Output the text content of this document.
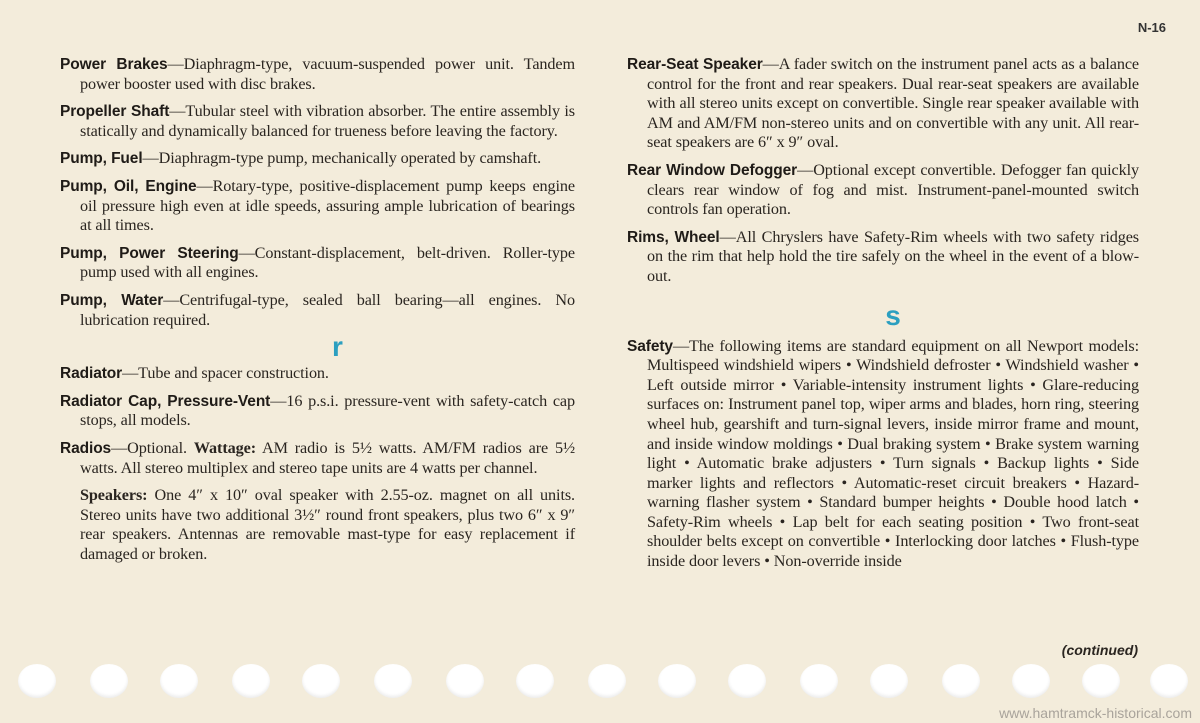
N-16

Power Brakes—Diaphragm-type, vacuum-suspended power unit. Tandem power booster used with disc brakes.

Propeller Shaft—Tubular steel with vibration absorber. The entire assembly is statically and dynamically balanced for trueness before leaving the factory.

Pump, Fuel—Diaphragm-type pump, mechanically operated by camshaft.

Pump, Oil, Engine—Rotary-type, positive-displacement pump keeps engine oil pressure high even at idle speeds, assuring ample lubrication of bearings at all times.

Pump, Power Steering—Constant-displacement, belt-driven. Roller-type pump used with all engines.

Pump, Water—Centrifugal-type, sealed ball bearing—all engines. No lubrication required.

r

Radiator—Tube and spacer construction.

Radiator Cap, Pressure-Vent—16 p.s.i. pressure-vent with safety-catch cap stops, all models.

Radios—Optional. Wattage: AM radio is 5½ watts. AM/FM radios are 5½ watts. All stereo multiplex and stereo tape units are 4 watts per channel.

Speakers: One 4″ x 10″ oval speaker with 2.55-oz. magnet on all units. Stereo units have two additional 3½″ round front speakers, plus two 6″ x 9″ rear speakers. Antennas are removable mast-type for easy replacement if damaged or broken.

Rear-Seat Speaker—A fader switch on the instrument panel acts as a balance control for the front and rear speakers. Dual rear-seat speakers are available with all stereo units except on convertible. Single rear speaker available with AM and AM/FM non-stereo units and on convertible with any unit. All rear-seat speakers are 6″ x 9″ oval.

Rear Window Defogger—Optional except convertible. Defogger fan quickly clears rear window of fog and mist. Instrument-panel-mounted switch controls fan operation.

Rims, Wheel—All Chryslers have Safety-Rim wheels with two safety ridges on the rim that help hold the tire safely on the wheel in the event of a blow-out.

s

Safety—The following items are standard equipment on all Newport models: Multispeed windshield wipers • Windshield defroster • Windshield washer • Left outside mirror • Variable-intensity instrument lights • Glare-reducing surfaces on: Instrument panel top, wiper arms and blades, horn ring, steering wheel hub, gearshift and turn-signal levers, inside mirror frame and mount, and inside window moldings • Dual braking system • Brake system warning light • Automatic brake adjusters • Turn signals • Backup lights • Side marker lights and reflectors • Automatic-reset circuit breakers • Hazard-warning flasher system • Standard bumper heights • Double hood latch • Safety-Rim wheels • Lap belt for each seating position • Two front-seat shoulder belts except on convertible • Interlocking door latches • Flush-type inside door levers • Non-override inside

(continued)
www.hamtramck-historical.com
